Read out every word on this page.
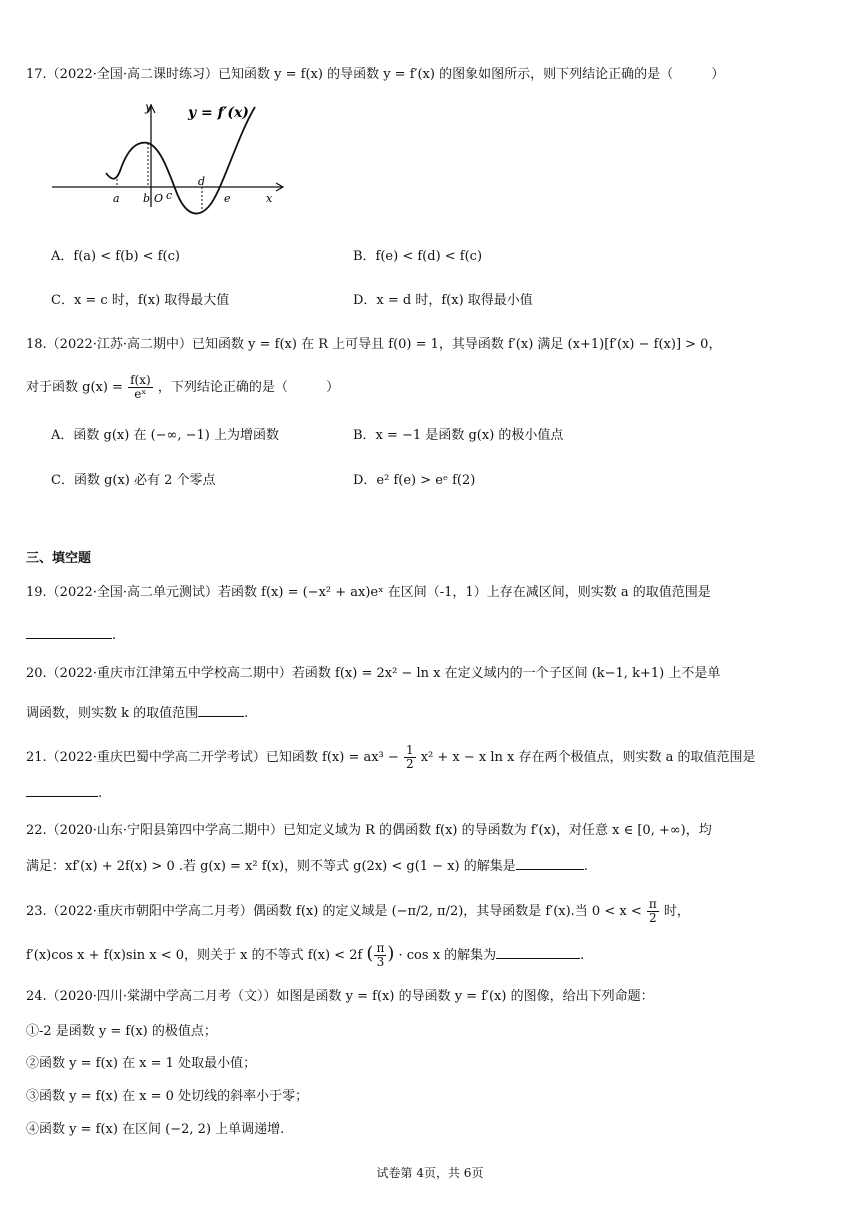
17.（2022·全国·高二课时练习）已知函数 y = f(x) 的导函数 y = f′(x) 的图象如图所示，则下列结论正确的是（	）
y	y = f′(x)
a b O c
d
e	x
A．f(a) < f(b) < f(c)	B．f(e) < f(d) < f(c)
C．x = c 时，f(x) 取得最大值	D．x = d 时，f(x) 取得最小值
18.（2022·江苏·高二期中）已知函数 y = f(x) 在 R 上可导且 f(0) = 1，其导函数 f′(x) 满足 (x+1)[f′(x) − f(x)] > 0，
对于函数 $g(x) = \frac{f(x)}{\text{eˣ}}$ ，下列结论正确的是（	）
A．函数 g(x) 在 (−∞, −1) 上为增函数	B．x = −1 是函数 g(x) 的极小值点
C．函数 g(x) 必有 2 个零点	D．e² f(e) > eᵉ f(2)
三、填空题
19.（2022·全国·高二单元测试）若函数 f(x) = (−x² + ax)eˣ 在区间（-1，1）上存在减区间，则实数 a 的取值范围是
.
20.（2022·重庆市江津第五中学校高二期中）若函数 f(x) = 2x² − ln x 在定义域内的一个子区间 (k−1, k+1) 上不是单
调函数，则实数 k 的取值范围	.
21.（2022·重庆巴蜀中学高二开学考试）已知函数 $f(x) = ax^3 - \frac{1}{2} x^2 + x - x$ ln x 存在两个极值点，则实数 a 的取值范围是
.
22.（2020·山东·宁阳县第四中学高二期中）已知定义域为 R 的偶函数 f(x) 的导函数为 f′(x)，对任意 x ∈ [0, +∞)，均
满足：xf′(x) + 2f(x) > 0 .若 g(x) = x² f(x)，则不等式 g(2x) < g(1 − x) 的解集是	.
23.（2022·重庆市朝阳中学高二月考）偶函数 f(x) 的定义域是 (−π/2, π/2)，其导函数是 f′(x).当 $0 < x < \frac{\pi}{2}$ 时，
f′(x)cos x + f(x)sin x < 0，则关于 x 的不等式 f(x) < 2f ( $\frac{\pi}{3}$ ) · cos x 的解集为	.
24.（2020·四川·棠湖中学高二月考（文））如图是函数 y = f(x) 的导函数 y = f′(x) 的图像，给出下列命题：
①-2 是函数 y = f(x) 的极值点；
②函数 y = f(x) 在 x = 1 处取最小值；
③函数 y = f(x) 在 x = 0 处切线的斜率小于零；
④函数 y = f(x) 在区间 (−2, 2) 上单调递增.
试卷第 4页，共 6页
